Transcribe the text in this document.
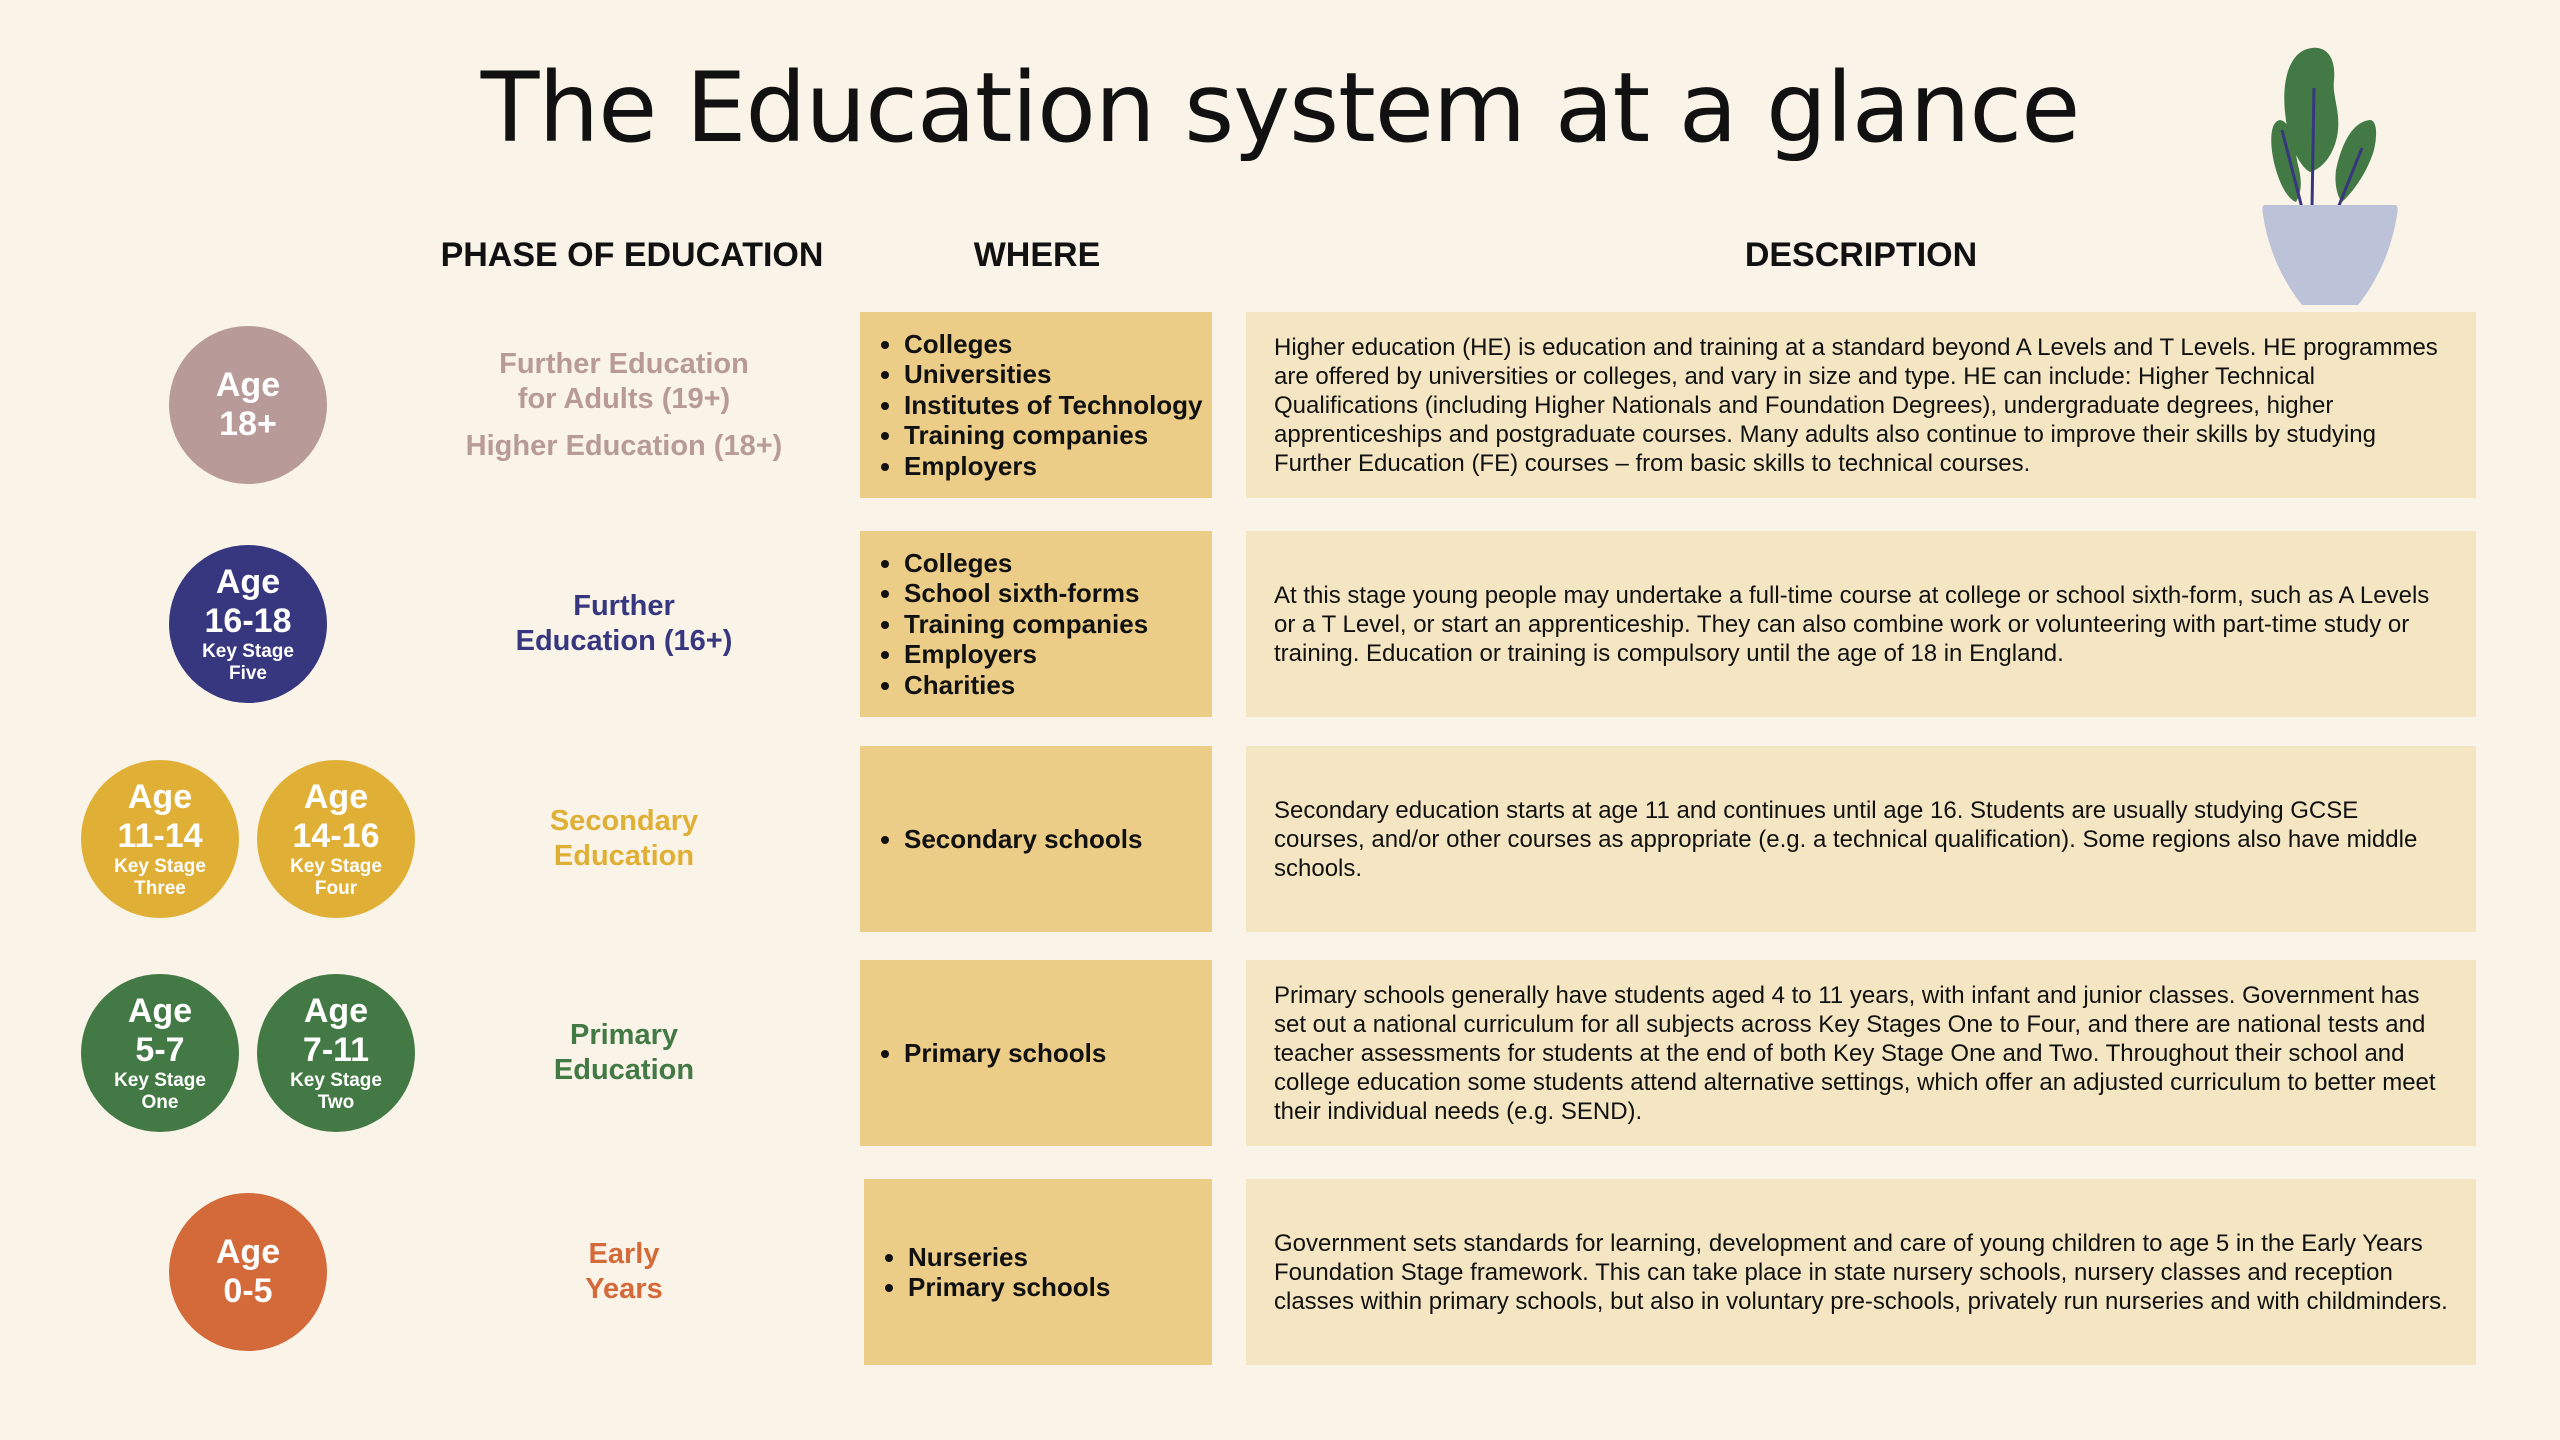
The Education system at a glance
PHASE OF EDUCATION	WHERE	DESCRIPTION
Age
18+
Further Education
for Adults (19+)
Higher Education (18+)
• Colleges
• Universities
• Institutes of Technology
• Training companies
• Employers
Higher education (HE) is education and training at a standard beyond A Levels and T Levels. HE programmes are offered by universities or colleges, and vary in size and type. HE can include: Higher Technical Qualifications (including Higher Nationals and Foundation Degrees), undergraduate degrees, higher apprenticeships and postgraduate courses. Many adults also continue to improve their skills by studying Further Education (FE) courses – from basic skills to technical courses.
Age
16-18
Key Stage
Five
Further
Education (16+)
• Colleges
• School sixth-forms
• Training companies
• Employers
• Charities
At this stage young people may undertake a full-time course at college or school sixth-form, such as A Levels or a T Level, or start an apprenticeship. They can also combine work or volunteering with part-time study or training. Education or training is compulsory until the age of 18 in England.
Age
11-14
Key Stage
Three
Age
14-16
Key Stage
Four
Secondary
Education
• Secondary schools
Secondary education starts at age 11 and continues until age 16. Students are usually studying GCSE courses, and/or other courses as appropriate (e.g. a technical qualification). Some regions also have middle schools.
Age
5-7
Key Stage
One
Age
7-11
Key Stage
Two
Primary
Education
• Primary schools
Primary schools generally have students aged 4 to 11 years, with infant and junior classes. Government has set out a national curriculum for all subjects across Key Stages One to Four, and there are national tests and teacher assessments for students at the end of both Key Stage One and Two. Throughout their school and college education some students attend alternative settings, which offer an adjusted curriculum to better meet their individual needs (e.g. SEND).
Age
0-5
Early
Years
• Nurseries
• Primary schools
Government sets standards for learning, development and care of young children to age 5 in the Early Years Foundation Stage framework. This can take place in state nursery schools, nursery classes and reception classes within primary schools, but also in voluntary pre-schools, privately run nurseries and with childminders.
